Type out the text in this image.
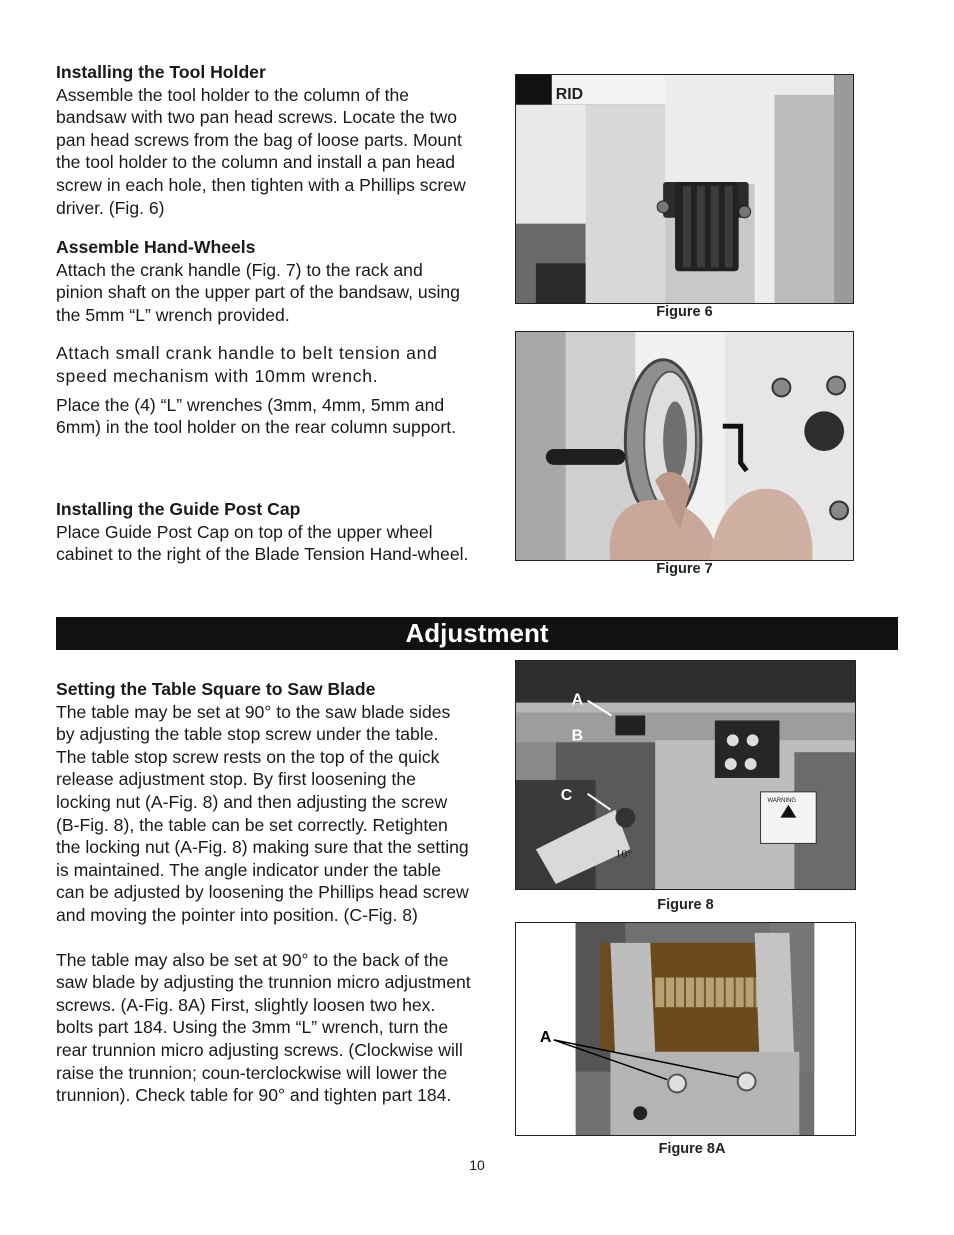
Installing the Tool Holder

Assemble the tool holder to the column of the bandsaw with two pan head screws. Locate the two pan head screws from the bag of loose parts. Mount the tool holder to the column and install a pan head screw in each hole, then tighten with a Phillips screw driver. (Fig. 6)

Assemble Hand-Wheels

Attach the crank handle (Fig. 7) to the rack and pinion shaft on the upper part of the bandsaw, using the 5mm “L” wrench provided.

Attach small crank handle to belt tension and speed mechanism with 10mm wrench.

Place the (4) “L” wrenches (3mm, 4mm, 5mm and 6mm) in the tool holder on the rear column support.

Installing the Guide Post Cap

Place Guide Post Cap on top of the upper wheel cabinet to the right of the Blade Tension Hand-wheel.

Adjustment

Setting the Table Square to Saw Blade

The table may be set at 90° to the saw blade sides by adjusting the table stop screw under the table. The table stop screw rests on the top of the quick release adjustment stop. By first loosening the locking nut (A-Fig. 8) and then adjusting the screw (B-Fig. 8), the table can be set correctly. Retighten the locking nut (A-Fig. 8) making sure that the setting is maintained. The angle indicator under the table can be adjusted by loosening the Phillips head screw and moving the pointer into position. (C-Fig. 8)

The table may also be set at 90° to the back of the saw blade by adjusting the trunnion micro adjustment screws. (A-Fig. 8A) First, slightly loosen two hex. bolts part 184. Using the 3mm “L” wrench, turn the rear trunnion micro adjusting screws. (Clockwise will raise the trunnion; coun-terclockwise will lower the trunnion). Check table for 90° and tighten part 184.

RID
Figure 6
Figure 7
WARNING
10°
A
B
C
Figure 8
A
Figure 8A
10
